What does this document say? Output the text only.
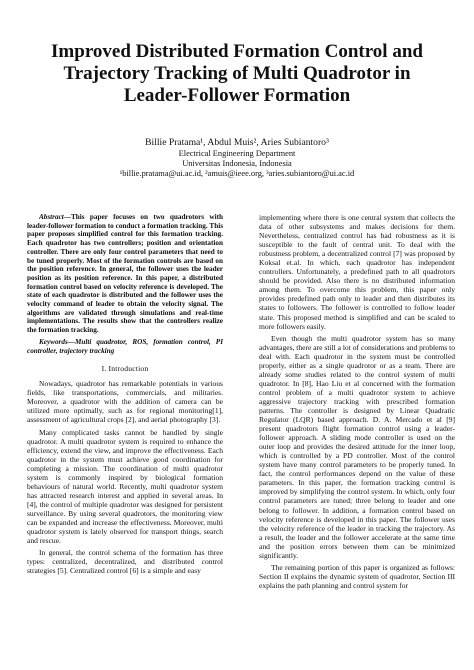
Improved Distributed Formation Control and Trajectory Tracking of Multi Quadrotor in Leader-Follower Formation
Billie Pratama¹, Abdul Muis², Aries Subiantoro³
Electrical Engineering Department
Universitas Indonesia, Indonesia
¹billie.pratama@ui.ac.id, ²amuis@ieee.org, ³aries.subiantoro@ui.ac.id

Abstract—This paper focuses on two quadrotors with leader-follower formation to conduct a formation tracking. This paper proposes simplified control for this formation tracking. Each quadrotor has two controllers; position and orientation controller. There are only four control parameters that need to be tuned properly. Most of the formation controls are based on the position reference. In general, the follower uses the leader position as its position reference. In this paper, a distributed formation control based on velocity reference is developed. The state of each quadrotor is distributed and the follower uses the velocity command of leader to obtain the velocity signal. The algorithms are validated through simulations and real-time implementations. The results show that the controllers realize the formation tracking.

Keywords—Multi quadrotor, ROS, formation control, PI controller, trajectory tracking

I. Introduction

Nowadays, quadrotor has remarkable potentials in various fields, like transportations, commercials, and militaries. Moreover, a quadrotor with the addition of camera can be utilized more optimally, such as for regional monitoring[1], assessment of agricultural crops [2], and aerial photography [3].

Many complicated tasks cannot be handled by single quadrotor. A multi quadrotor system is required to enhance the efficiency, extend the view, and improve the effectiveness. Each quadrotor in the system must achieve good coordination for completing a mission. The coordination of multi quadrotor system is commonly inspired by biological formation behaviours of natural world. Recently, multi quadrotor system has attracted research interest and applied in several areas. In [4], the control of multiple quadrotor was designed for persistent surveillance. By using several quadrotors, the monitoring view can be expanded and increase the effectiveness. Moreover, multi quadrotor system is lately observed for transport things, search and rescue.

In general, the control schema of the formation has three types: centralized, decentralized, and distributed control strategies [5]. Centralized control [6] is a simple and easy

implementing where there is one central system that collects the data of other subsystems and makes decisions for them. Nevertheless, centralized control has bad robustness as it is susceptible to the fault of central unit. To deal with the robustness problem, a decentralized control [7] was proposed by Koksal et.al. In which, each quadrotor has independent controllers. Unfortunately, a predefined path to all quadrotors should be provided. Also there is no distributed information among them. To overcome this problem, this paper only provides predefined path only to leader and then distributes its states to followers. The follower is controlled to follow leader state. This proposed method is simplified and can be scaled to more followers easily.

Even though the multi quadrotor system has so many advantages, there are still a lot of considerations and problems to deal with. Each quadrotor in the system must be controlled properly, either as a single quadrotor or as a team. There are already some studies related to the control system of multi quadrotor. In [8], Hao Liu et al concerned with the formation control problem of a multi quadrotor system to achieve aggressive trajectory tracking with prescribed formation patterns. The controller is designed by Linear Quadratic Regulator (LQR) based approach. D. A. Mercado et al [9] present quadrotors flight formation control using a leader-follower approach. A sliding mode controller is used on the outer loop and provides the desired attitude for the inner loop, which is controlled by a PD controller. Most of the control system have many control parameters to be properly tuned. In fact, the control performances depend on the value of these parameters. In this paper, the formation tracking control is improved by simplifying the control system. In which, only four control parameters are tuned; three belong to leader and one belong to follower. In addition, a formation control based on velocity reference is developed in this paper. The follower uses the velocity reference of the leader in tracking the trajectory. As a result, the leader and the follower accelerate at the same time and the position errors between them can be minimized significantly.

The remaining portion of this paper is organized as follows: Section II explains the dynamic system of quadrotor, Section III explains the path planning and control system for
